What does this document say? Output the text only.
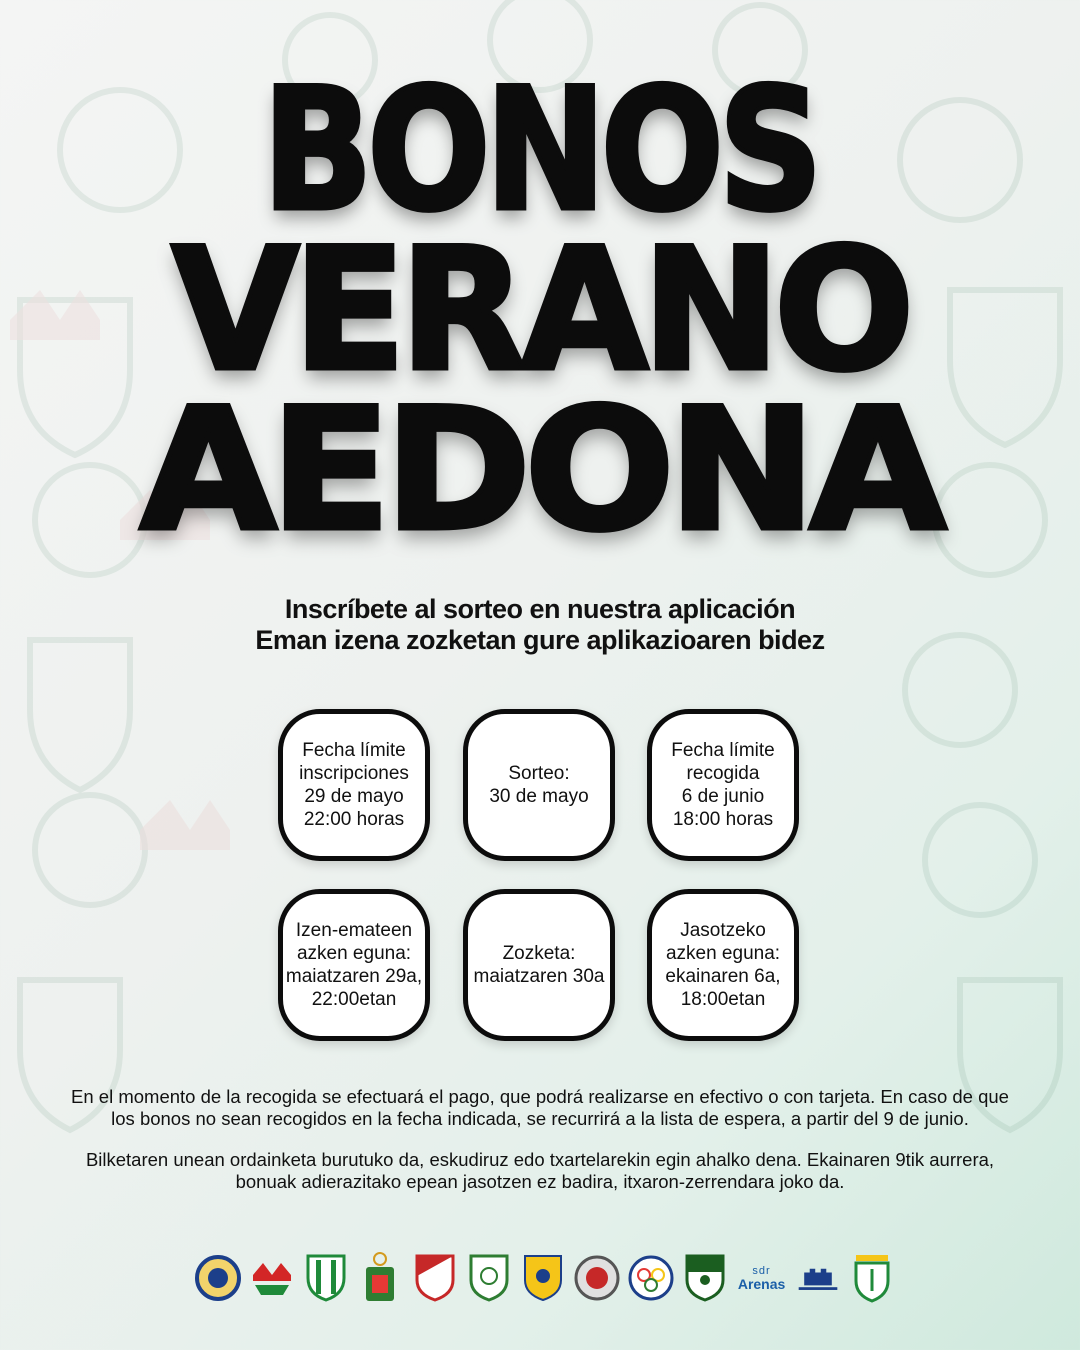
BONOS
VERANO
AEDONA
Inscríbete al sorteo en nuestra aplicación
Eman izena zozketan gure aplikazioaren bidez
Fecha límite
inscripciones
29 de mayo
22:00 horas
Sorteo:
30 de mayo
Fecha límite
recogida
6 de junio
18:00 horas
Izen-emateen
azken eguna:
maiatzaren 29a,
22:00etan
Zozketa:
maiatzaren 30a
Jasotzeko
azken eguna:
ekainaren 6a,
18:00etan

En el momento de la recogida se efectuará el pago, que podrá realizarse en efectivo o con tarjeta. En caso de que los bonos no sean recogidos en la fecha indicada, se recurrirá a la lista de espera, a partir del 9 de junio.

Bilketaren unean ordainketa burutuko da, eskudiruz edo txartelarekin egin ahalko dena. Ekainaren 9tik aurrera, bonuak adierazitako epean jasotzen ez badira, itxaron-zerrendara joko da.

sdr
Arenas
